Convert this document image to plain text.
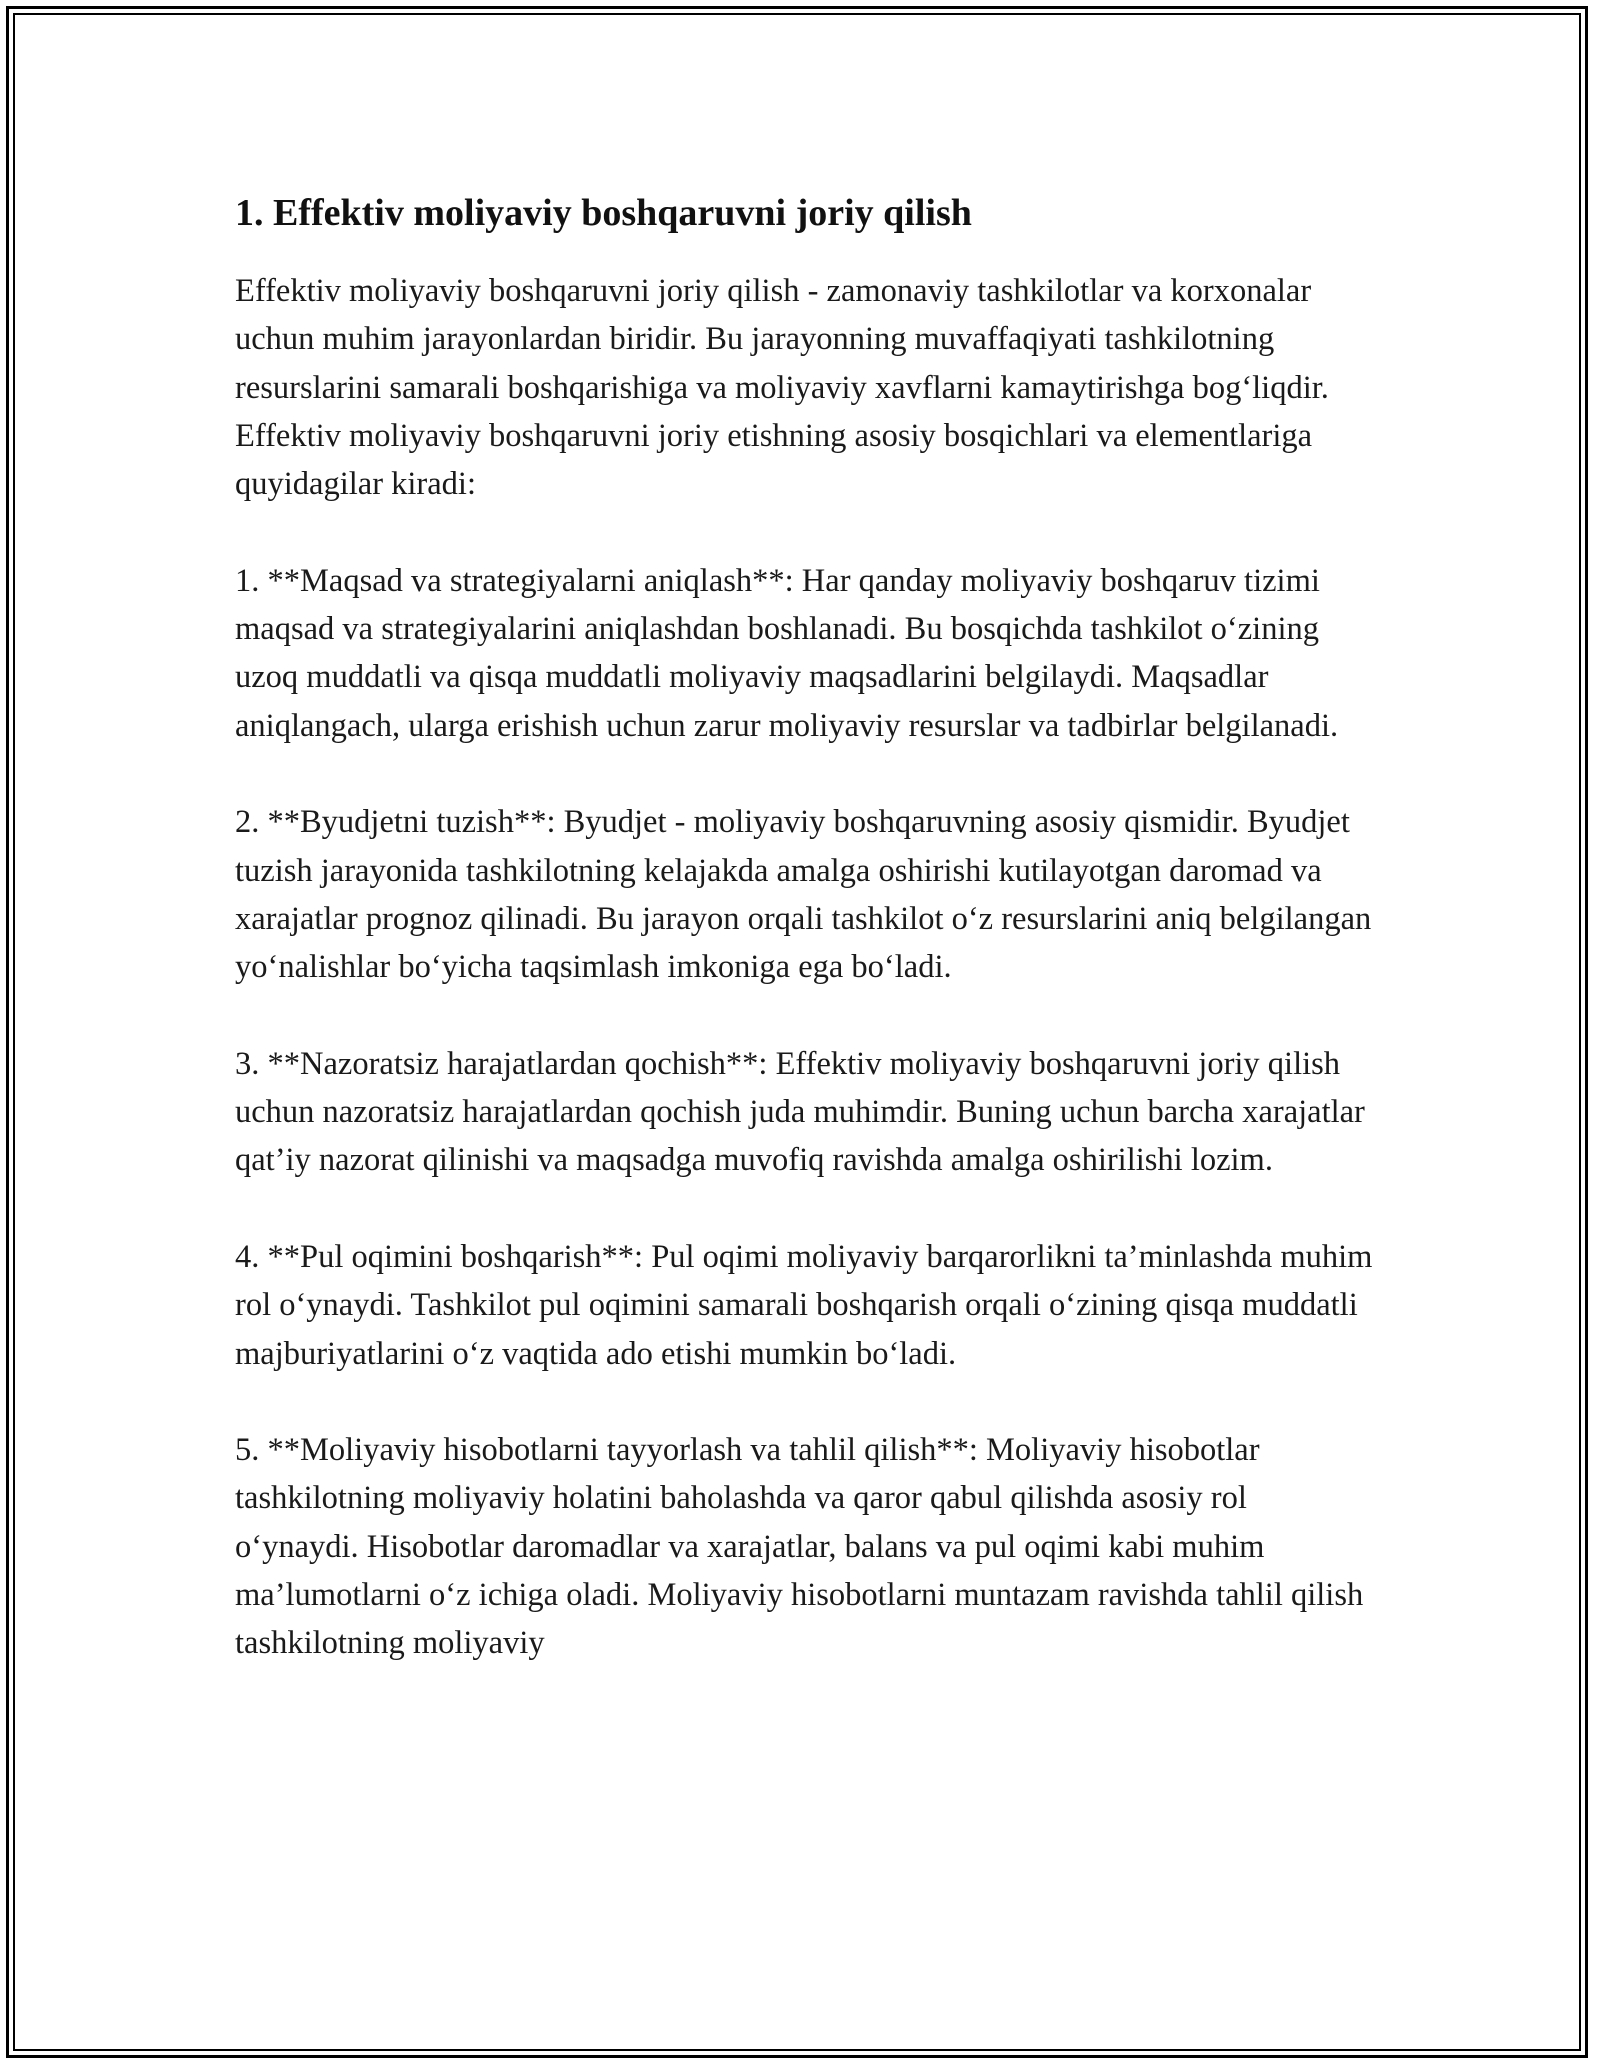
1. Effektiv moliyaviy boshqaruvni joriy qilish

Effektiv moliyaviy boshqaruvni joriy qilish - zamonaviy tashkilotlar va korxonalar uchun muhim jarayonlardan biridir. Bu jarayonning muvaffaqiyati tashkilotning resurslarini samarali boshqarishiga va moliyaviy xavflarni kamaytirishga bog‘liqdir. Effektiv moliyaviy boshqaruvni joriy etishning asosiy bosqichlari va elementlariga quyidagilar kiradi:

1. **Maqsad va strategiyalarni aniqlash**: Har qanday moliyaviy boshqaruv tizimi maqsad va strategiyalarini aniqlashdan boshlanadi. Bu bosqichda tashkilot o‘zining uzoq muddatli va qisqa muddatli moliyaviy maqsadlarini belgilaydi. Maqsadlar aniqlangach, ularga erishish uchun zarur moliyaviy resurslar va tadbirlar belgilanadi.

2. **Byudjetni tuzish**: Byudjet - moliyaviy boshqaruvning asosiy qismidir. Byudjet tuzish jarayonida tashkilotning kelajakda amalga oshirishi kutilayotgan daromad va xarajatlar prognoz qilinadi. Bu jarayon orqali tashkilot o‘z resurslarini aniq belgilangan yo‘nalishlar bo‘yicha taqsimlash imkoniga ega bo‘ladi.

3. **Nazoratsiz harajatlardan qochish**: Effektiv moliyaviy boshqaruvni joriy qilish uchun nazoratsiz harajatlardan qochish juda muhimdir. Buning uchun barcha xarajatlar qat’iy nazorat qilinishi va maqsadga muvofiq ravishda amalga oshirilishi lozim.

4. **Pul oqimini boshqarish**: Pul oqimi moliyaviy barqarorlikni ta’minlashda muhim rol o‘ynaydi. Tashkilot pul oqimini samarali boshqarish orqali o‘zining qisqa muddatli majburiyatlarini o‘z vaqtida ado etishi mumkin bo‘ladi.

5. **Moliyaviy hisobotlarni tayyorlash va tahlil qilish**: Moliyaviy hisobotlar tashkilotning moliyaviy holatini baholashda va qaror qabul qilishda asosiy rol o‘ynaydi. Hisobotlar daromadlar va xarajatlar, balans va pul oqimi kabi muhim ma’lumotlarni o‘z ichiga oladi. Moliyaviy hisobotlarni muntazam ravishda tahlil qilish tashkilotning moliyaviy
